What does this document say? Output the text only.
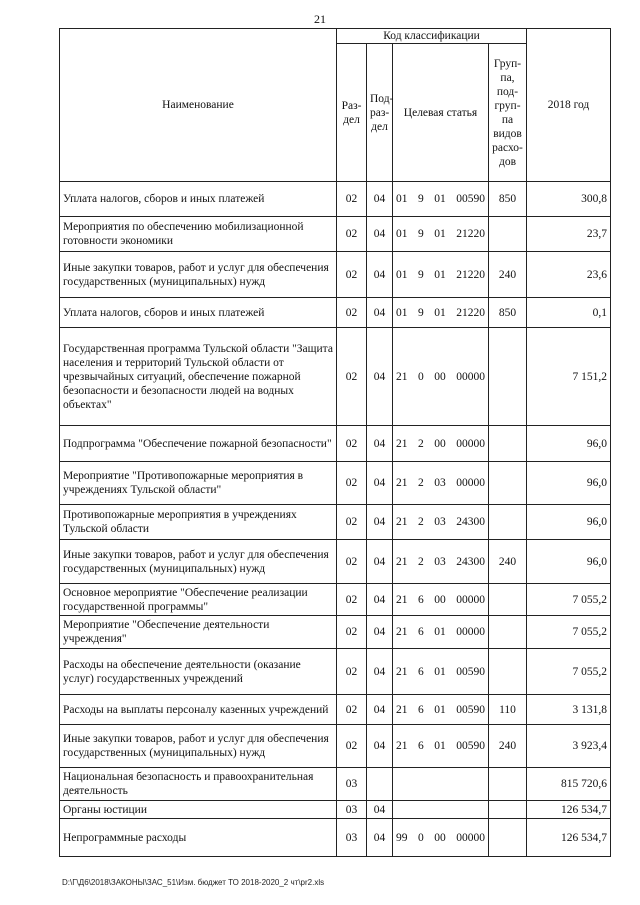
21
Наименование	Код классификации				2018 год
	Раз-дел	Под-раз-дел	Целевая статья	Груп-па, под-груп-па видов расхо-дов	
Уплата налогов, сборов и иных платежей	02	04	01 9 01 00590	850	300,8
Мероприятия по обеспечению мобилизационной готовности экономики	02	04	01 9 01 21220		23,7
Иные закупки товаров, работ и услуг для обеспечения государственных (муниципальных) нужд	02	04	01 9 01 21220	240	23,6
Уплата налогов, сборов и иных платежей	02	04	01 9 01 21220	850	0,1
Государственная программа Тульской области "Защита населения и территорий Тульской области от чрезвычайных ситуаций, обеспечение пожарной безопасности и безопасности людей на водных объектах"	02	04	21 0 00 00000		7 151,2
Подпрограмма "Обеспечение пожарной безопасности"	02	04	21 2 00 00000		96,0
Мероприятие "Противопожарные мероприятия в учреждениях Тульской области"	02	04	21 2 03 00000		96,0
Противопожарные мероприятия в учреждениях Тульской области	02	04	21 2 03 24300		96,0
Иные закупки товаров, работ и услуг для обеспечения государственных (муниципальных) нужд	02	04	21 2 03 24300	240	96,0
Основное мероприятие "Обеспечение реализации государственной программы"	02	04	21 6 00 00000		7 055,2
Мероприятие "Обеспечение деятельности учреждения"	02	04	21 6 01 00000		7 055,2
Расходы на обеспечение деятельности (оказание услуг) государственных учреждений	02	04	21 6 01 00590		7 055,2
Расходы на выплаты персоналу казенных учреждений	02	04	21 6 01 00590	110	3 131,8
Иные закупки товаров, работ и услуг для обеспечения государственных (муниципальных) нужд	02	04	21 6 01 00590	240	3 923,4
Национальная безопасность и правоохранительная деятельность	03				815 720,6
Органы юстиции	03	04			126 534,7
Непрограммные расходы	03	04	99 0 00 00000		126 534,7
D:\Г\Д6\2018\ЗАКОНЫ\ЗАС_51\Изм. бюджет ТО 2018-2020_2 чт\pr2.xls
